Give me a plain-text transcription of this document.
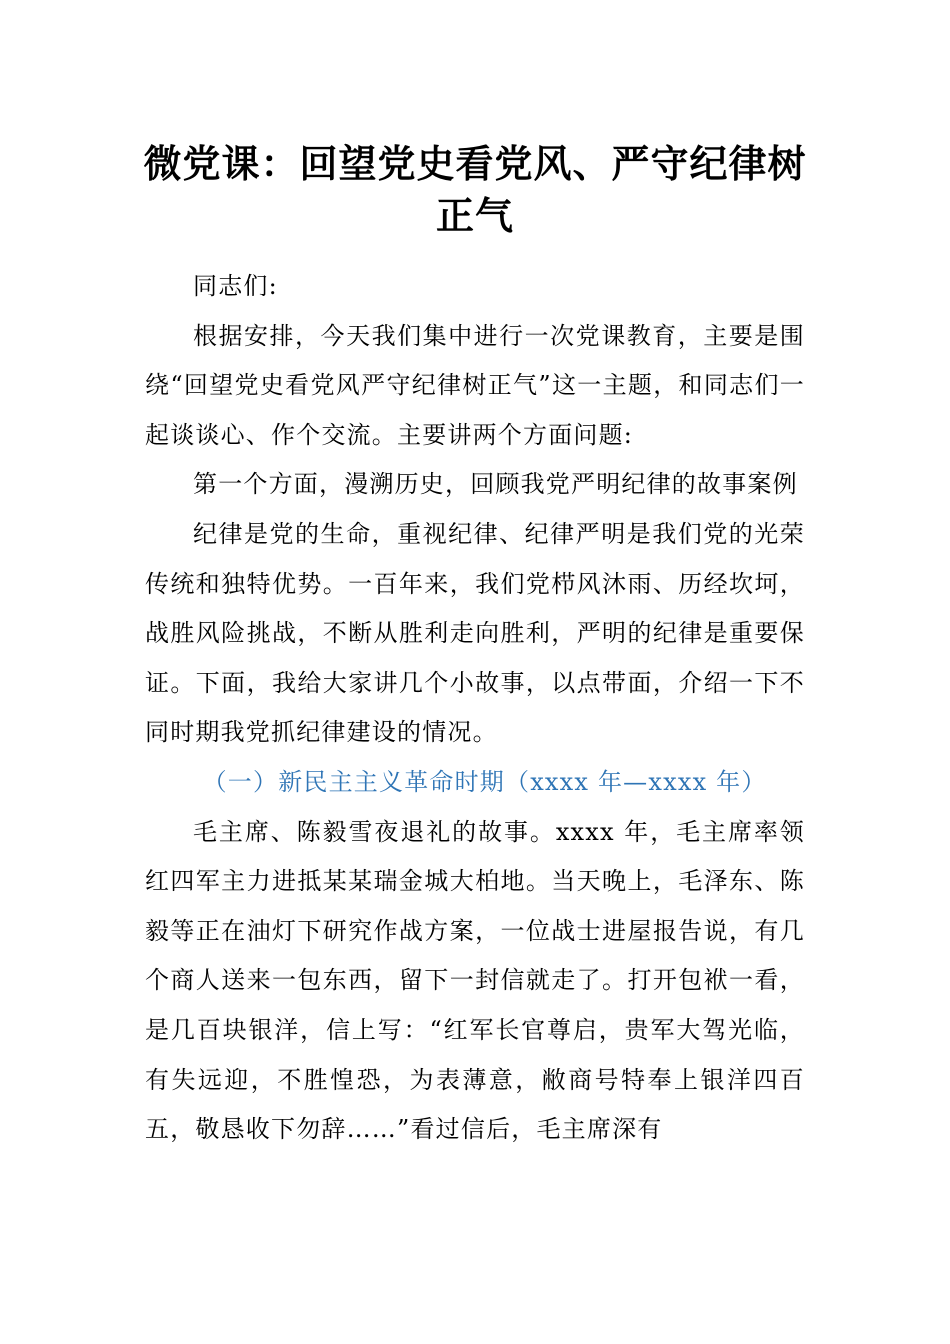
微党课：回望党史看党风、严守纪律树正气

同志们:

根据安排，今天我们集中进行一次党课教育，主要是围绕“回望党史看党风严守纪律树正气”这一主题，和同志们一起谈谈心、作个交流。主要讲两个方面问题:

第一个方面，漫溯历史，回顾我党严明纪律的故事案例

纪律是党的生命，重视纪律、纪律严明是我们党的光荣传统和独特优势。一百年来，我们党栉风沐雨、历经坎坷，战胜风险挑战，不断从胜利走向胜利，严明的纪律是重要保证。下面，我给大家讲几个小故事，以点带面，介绍一下不同时期我党抓纪律建设的情况。

（一）新民主主义革命时期（xxxx 年—xxxx 年）

毛主席、陈毅雪夜退礼的故事。xxxx 年，毛主席率领红四军主力进抵某某瑞金城大柏地。当天晚上，毛泽东、陈毅等正在油灯下研究作战方案，一位战士进屋报告说，有几个商人送来一包东西，留下一封信就走了。打开包袱一看，是几百块银洋，信上写：“红军长官尊启，贵军大驾光临，有失远迎，不胜惶恐，为表薄意，敝商号特奉上银洋四百五，敬恳收下勿辞……”看过信后，毛主席深有
